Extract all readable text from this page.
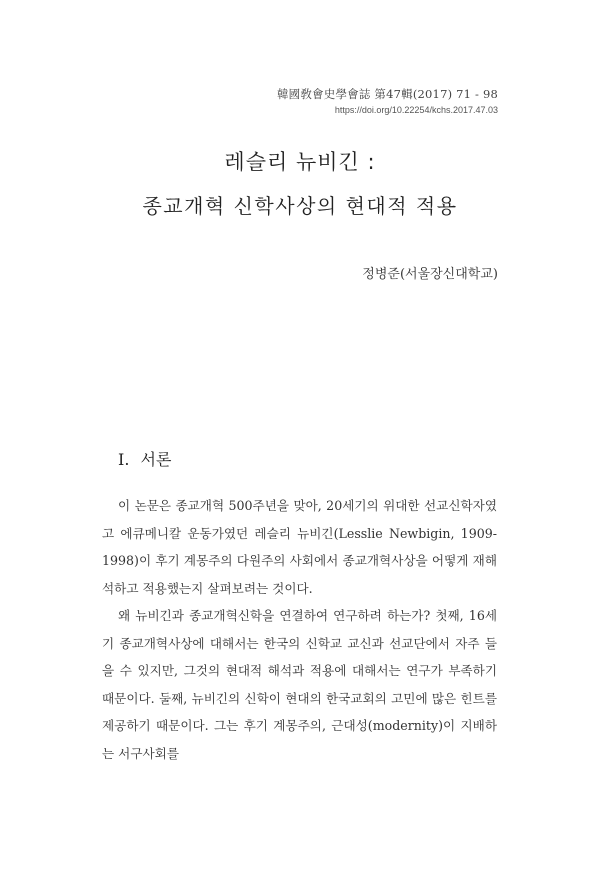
韓國敎會史學會誌 第47輯(2017) 71 - 98
https://doi.org/10.22254/kchs.2017.47.03
레슬리 뉴비긴 :
종교개혁 신학사상의 현대적 적용
정병준(서울장신대학교)
I. 서론

이 논문은 종교개혁 500주년을 맞아, 20세기의 위대한 선교신학자였고 에큐메니칼 운동가였던 레슬리 뉴비긴(Lesslie Newbigin, 1909-1998)이 후기 계몽주의 다원주의 사회에서 종교개혁사상을 어떻게 재해석하고 적용했는지 살펴보려는 것이다.

왜 뉴비긴과 종교개혁신학을 연결하여 연구하려 하는가? 첫째, 16세기 종교개혁사상에 대해서는 한국의 신학교 교신과 선교단에서 자주 들을 수 있지만, 그것의 현대적 해석과 적용에 대해서는 연구가 부족하기 때문이다. 둘째, 뉴비긴의 신학이 현대의 한국교회의 고민에 많은 힌트를 제공하기 때문이다. 그는 후기 계몽주의, 근대성(modernity)이 지배하는 서구사회를
